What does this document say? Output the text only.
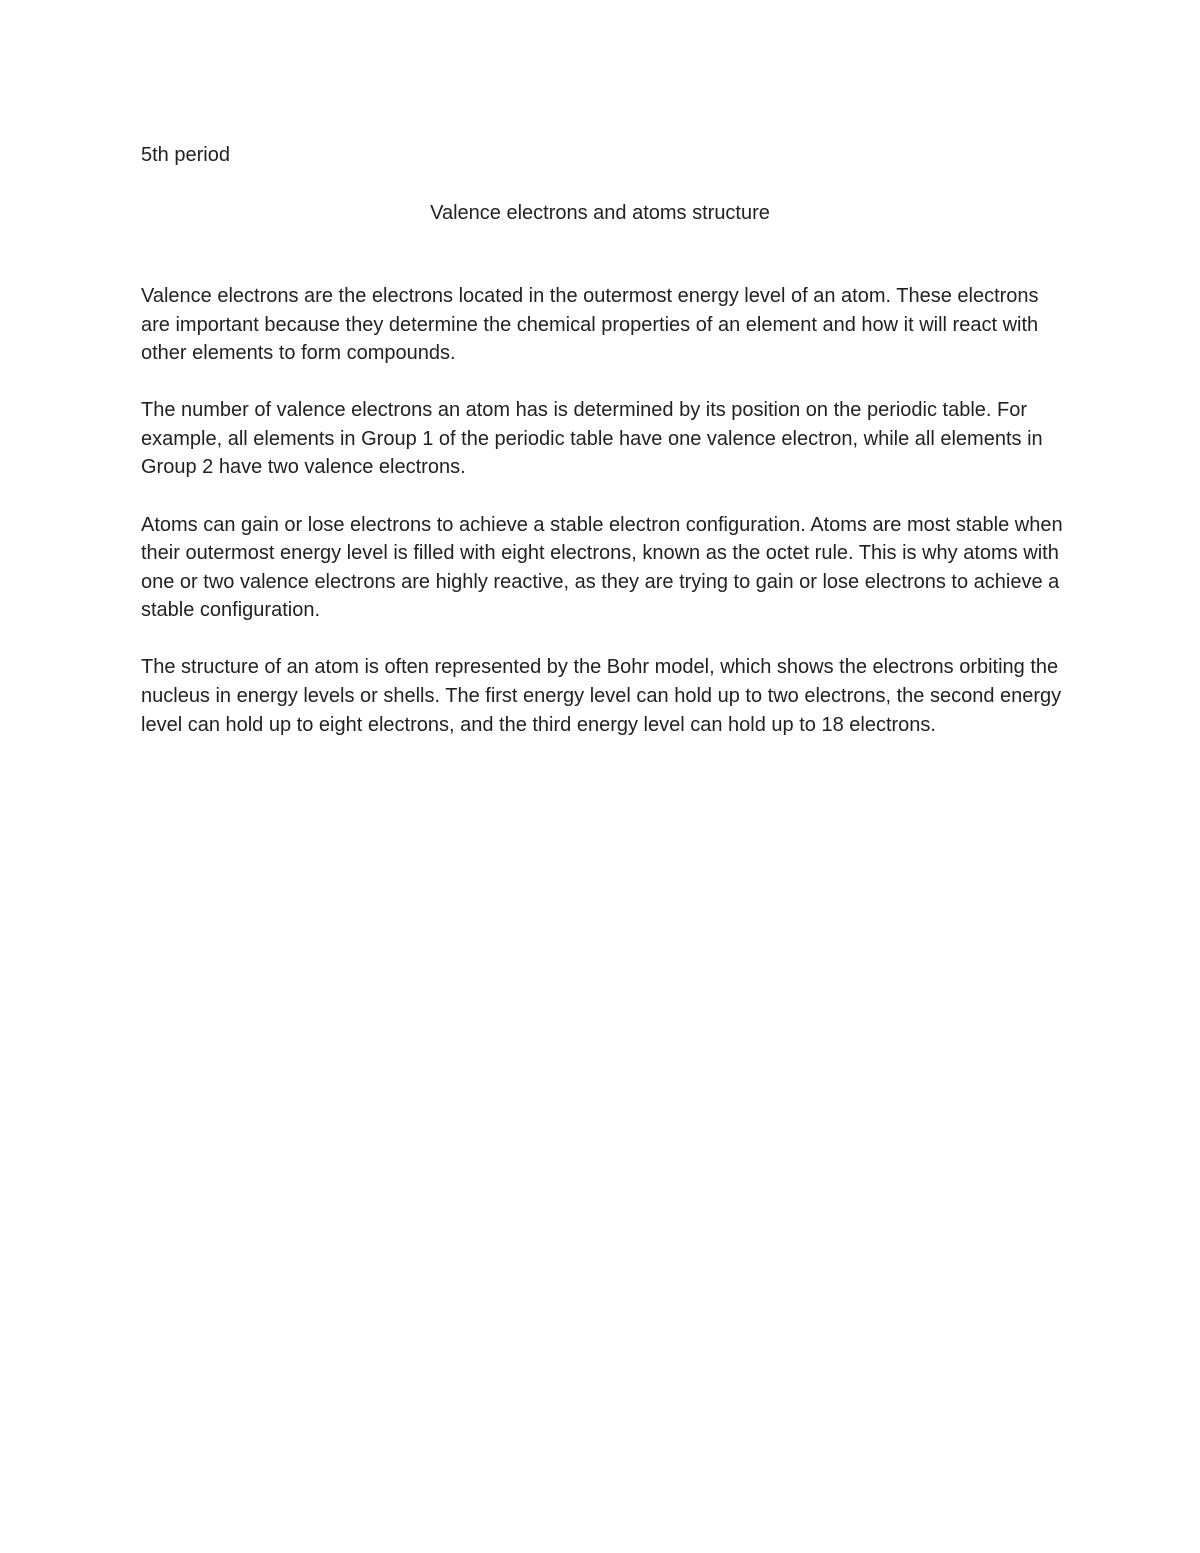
5th period

Valence electrons and atoms structure

Valence electrons are the electrons located in the outermost energy level of an atom. These electrons are important because they determine the chemical properties of an element and how it will react with other elements to form compounds.

The number of valence electrons an atom has is determined by its position on the periodic table. For example, all elements in Group 1 of the periodic table have one valence electron, while all elements in Group 2 have two valence electrons.

Atoms can gain or lose electrons to achieve a stable electron configuration. Atoms are most stable when their outermost energy level is filled with eight electrons, known as the octet rule. This is why atoms with one or two valence electrons are highly reactive, as they are trying to gain or lose electrons to achieve a stable configuration.

The structure of an atom is often represented by the Bohr model, which shows the electrons orbiting the nucleus in energy levels or shells. The first energy level can hold up to two electrons, the second energy level can hold up to eight electrons, and the third energy level can hold up to 18 electrons.
